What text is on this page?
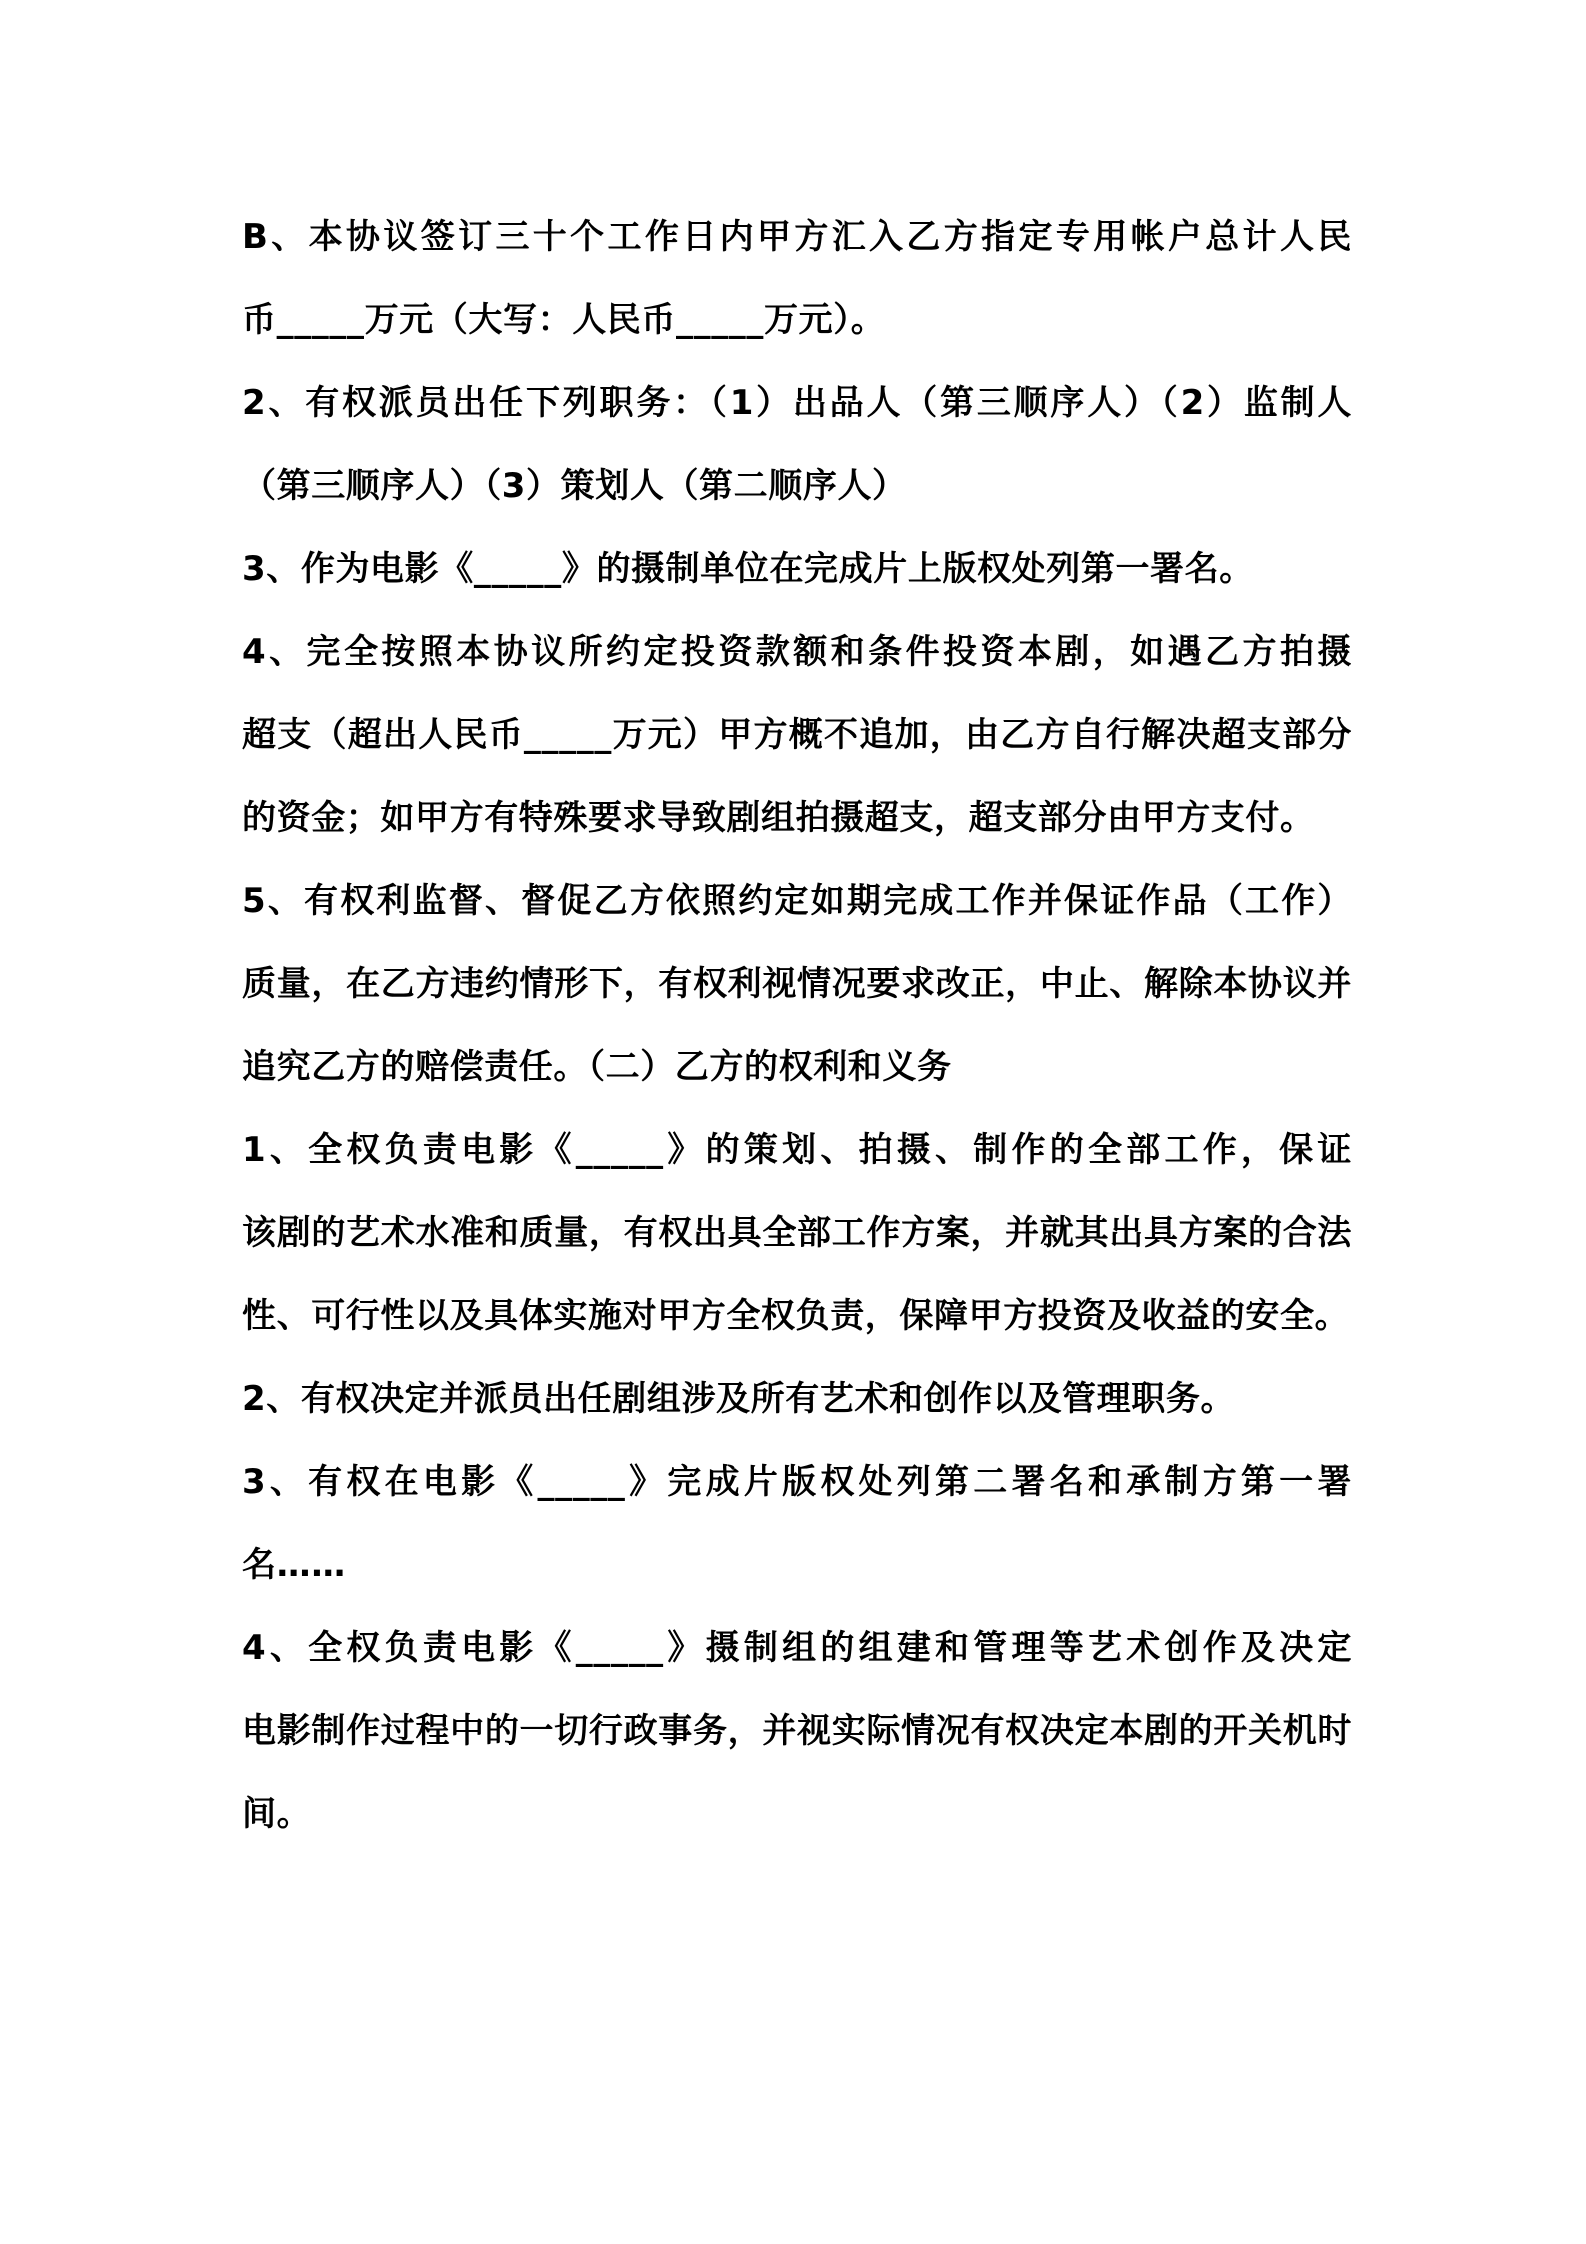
B、本协议签订三十个工作日内甲方汇入乙方指定专用帐户总计人民
币_____万元（大写：人民币_____万元）。
2、有权派员出任下列职务：（1）出品人（第三顺序人）（2）监制人
（第三顺序人）（3）策划人（第二顺序人）
3、作为电影《_____》的摄制单位在完成片上版权处列第一署名。
4、完全按照本协议所约定投资款额和条件投资本剧，如遇乙方拍摄
超支（超出人民币_____万元）甲方概不追加，由乙方自行解决超支部分的资金；如甲方有特殊要求导致剧组拍摄超支，超支部分由甲方支付。
5、有权利监督、督促乙方依照约定如期完成工作并保证作品（工作）
质量，在乙方违约情形下，有权利视情况要求改正，中止、解除本协议并追究乙方的赔偿责任。（二）乙方的权利和义务
1、全权负责电影《_____》的策划、拍摄、制作的全部工作，保证
该剧的艺术水准和质量，有权出具全部工作方案，并就其出具方案的合法性、可行性以及具体实施对甲方全权负责，保障甲方投资及收益的安全。
2、有权决定并派员出任剧组涉及所有艺术和创作以及管理职务。
3、有权在电影《_____》完成片版权处列第二署名和承制方第一署
名……
4、全权负责电影《_____》摄制组的组建和管理等艺术创作及决定
电影制作过程中的一切行政事务，并视实际情况有权决定本剧的开关机时间。
